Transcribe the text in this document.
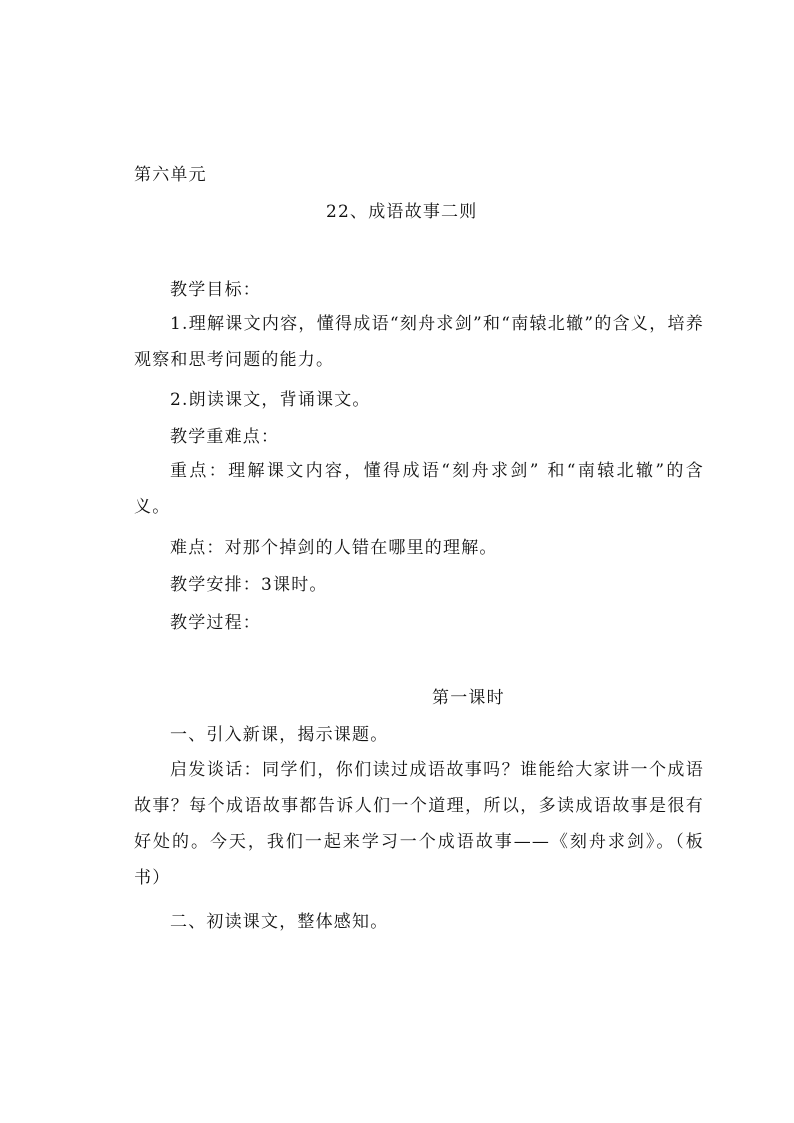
第六单元
22、成语故事二则
教学目标：
1.理解课文内容，懂得成语“刻舟求剑”和“南辕北辙”的含义，培养观察和思考问题的能力。
2.朗读课文，背诵课文。
教学重难点：
重点：理解课文内容，懂得成语“刻舟求剑” 和“南辕北辙”的含义。
难点：对那个掉剑的人错在哪里的理解。
教学安排：3课时。
教学过程：
第一课时
一、引入新课，揭示课题。
启发谈话：同学们，你们读过成语故事吗？谁能给大家讲一个成语故事？每个成语故事都告诉人们一个道理，所以，多读成语故事是很有好处的。今天，我们一起来学习一个成语故事——《刻舟求剑》。（板书）
二、初读课文，整体感知。
